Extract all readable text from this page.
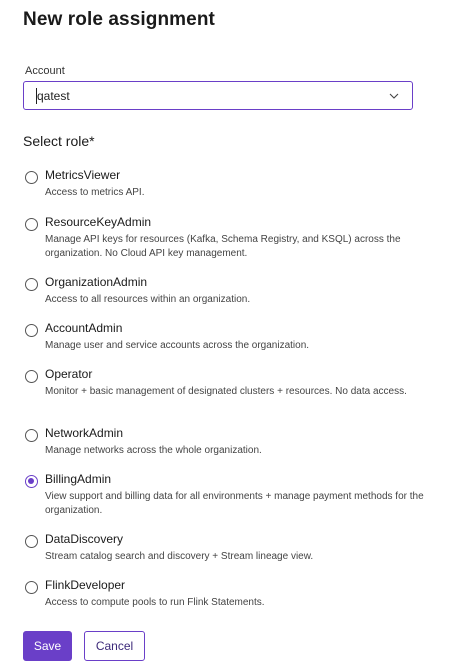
New role assignment
Account
qatest
Select role*
MetricsViewer
Access to metrics API.
ResourceKeyAdmin
Manage API keys for resources (Kafka, Schema Registry, and KSQL) across the organization. No Cloud API key management.
OrganizationAdmin
Access to all resources within an organization.
AccountAdmin
Manage user and service accounts across the organization.
Operator
Monitor + basic management of designated clusters + resources. No data access.
NetworkAdmin
Manage networks across the whole organization.
BillingAdmin
View support and billing data for all environments + manage payment methods for the organization.
DataDiscovery
Stream catalog search and discovery + Stream lineage view.
FlinkDeveloper
Access to compute pools to run Flink Statements.
Save	Cancel
